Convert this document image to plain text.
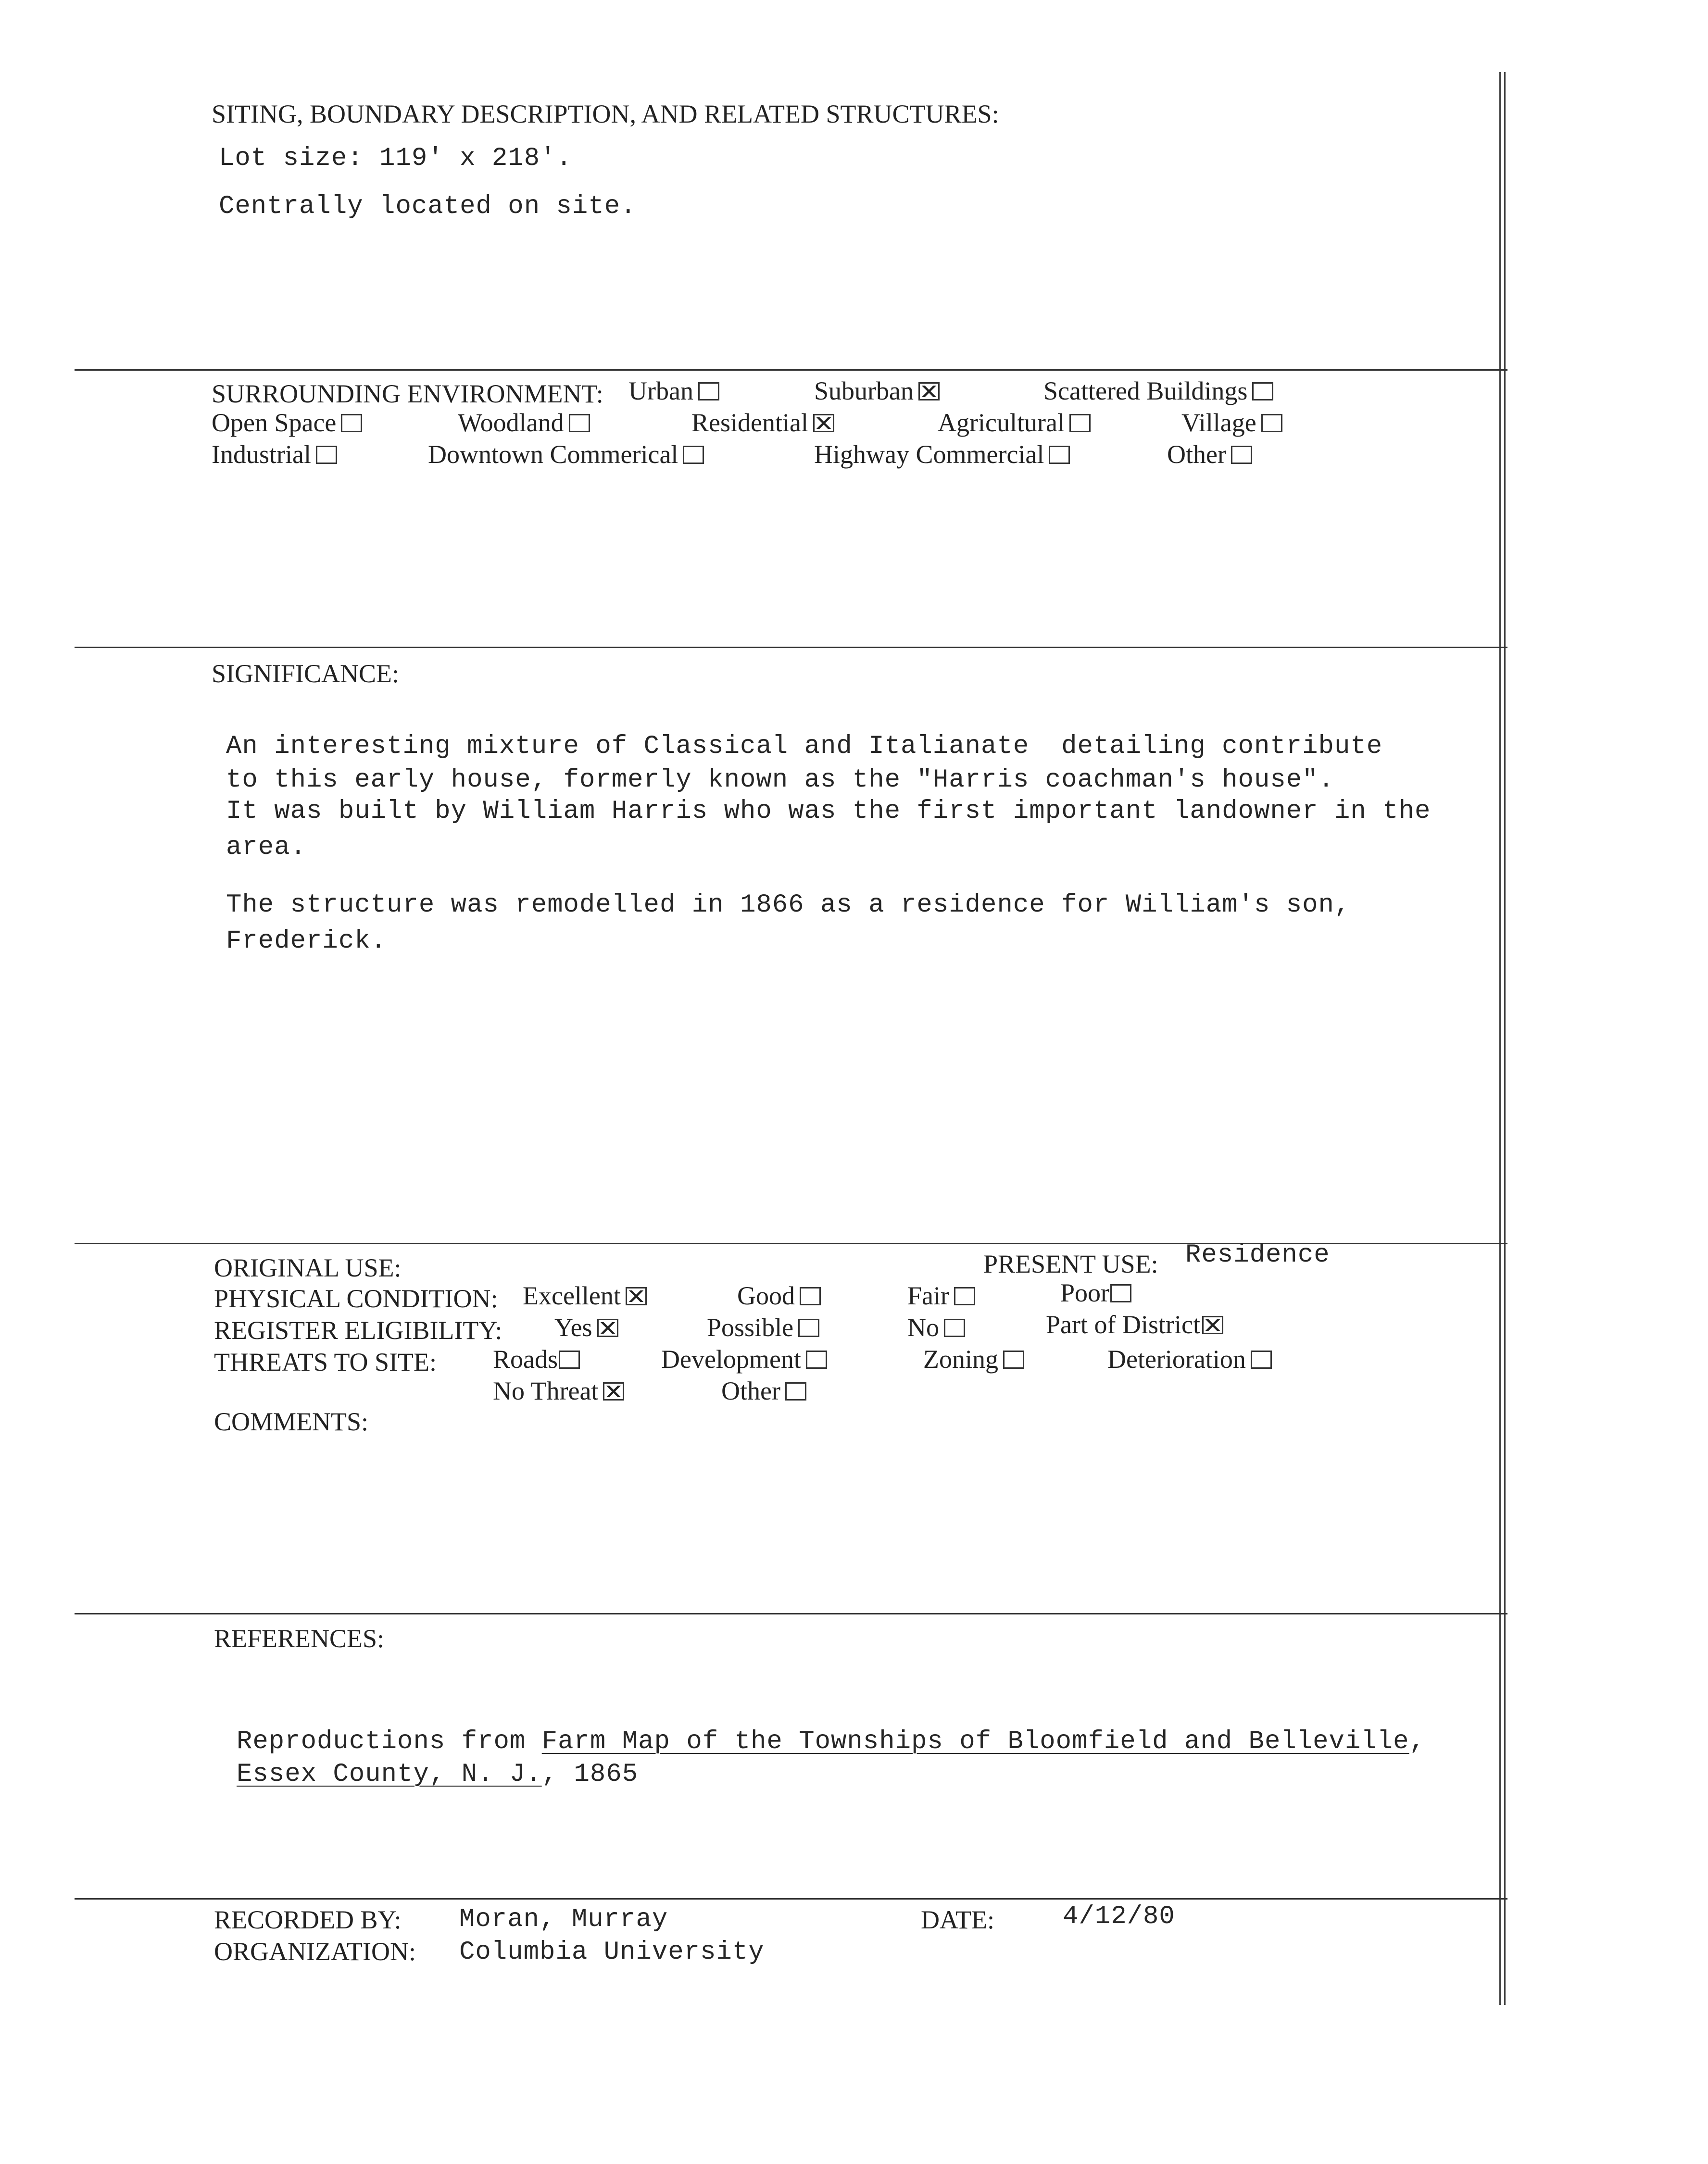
SITING, BOUNDARY DESCRIPTION, AND RELATED STRUCTURES:
Lot size: 119' x 218'.
Centrally located on site.
SURROUNDING ENVIRONMENT: Urban	Suburban	Scattered Buildings
Open Space	Woodland	Residential	Agricultural	Village
Industrial	Downtown Commerical	Highway Commercial	Other
SIGNIFICANCE:
An interesting mixture of Classical and Italianate  detailing contribute
to this early house, formerly known as the "Harris coachman's house".
It was built by William Harris who was the first important landowner in the
area.
The structure was remodelled in 1866 as a residence for William's son,
Frederick.
ORIGINAL USE:	PRESENT USE: Residence
PHYSICAL CONDITION: Excellent	Good	Fair	Poor
REGISTER ELIGIBILITY: Yes	Possible	No	Part of District
THREATS TO SITE: Roads	Development	Zoning	Deterioration
No Threat	Other
COMMENTS:
REFERENCES:
Reproductions from Farm Map of the Townships of Bloomfield and Belleville,
Essex County, N. J., 1865
RECORDED BY: Moran, Murray
ORGANIZATION: Columbia University
DATE:	4/12/80
